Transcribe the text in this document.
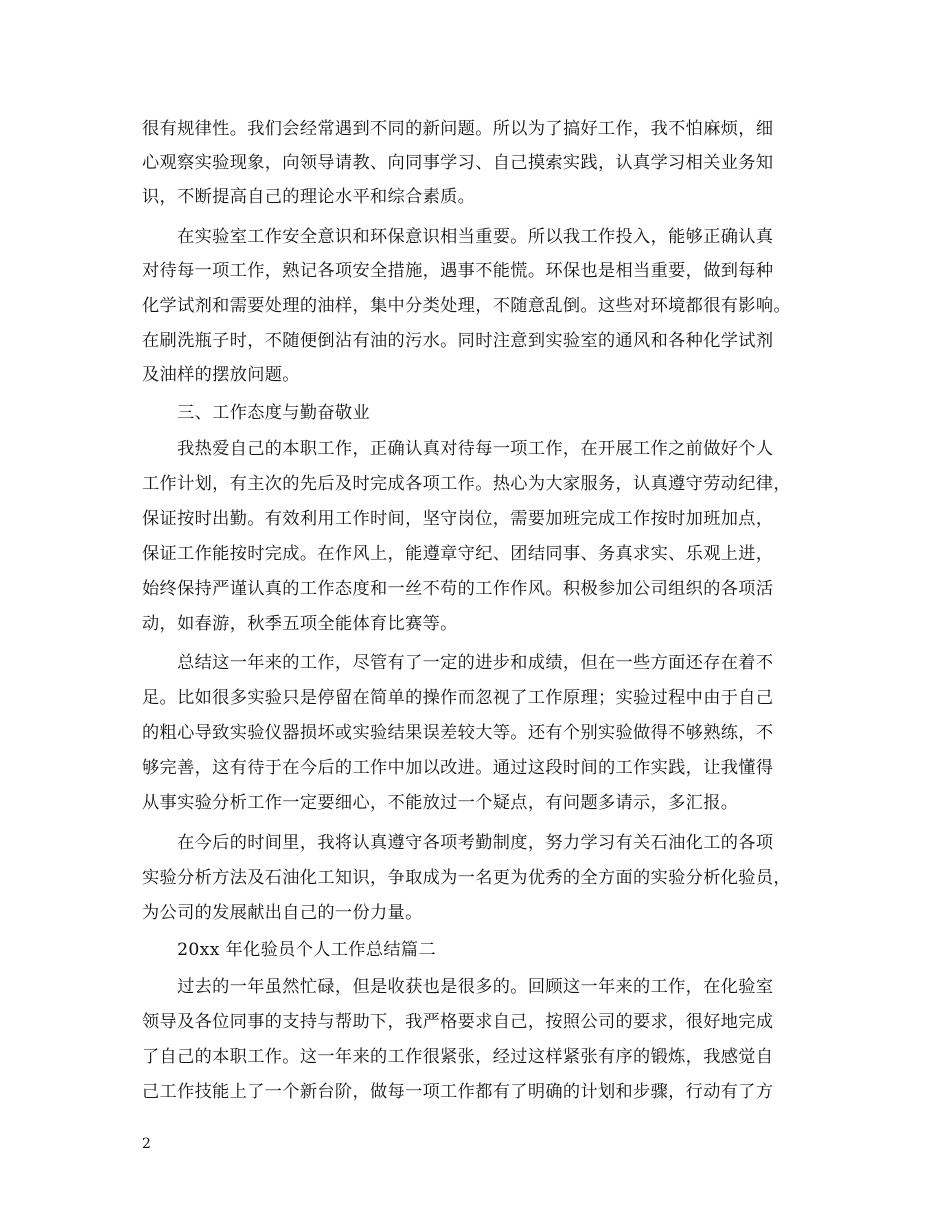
很有规律性。我们会经常遇到不同的新问题。所以为了搞好工作，我不怕麻烦，细
心观察实验现象，向领导请教、向同事学习、自己摸索实践，认真学习相关业务知
识，不断提高自己的理论水平和综合素质。
　　在实验室工作安全意识和环保意识相当重要。所以我工作投入，能够正确认真
对待每一项工作，熟记各项安全措施，遇事不能慌。环保也是相当重要，做到每种
化学试剂和需要处理的油样，集中分类处理，不随意乱倒。这些对环境都很有影响。
在刷洗瓶子时，不随便倒沾有油的污水。同时注意到实验室的通风和各种化学试剂
及油样的摆放问题。
　　三、工作态度与勤奋敬业
　　我热爱自己的本职工作，正确认真对待每一项工作，在开展工作之前做好个人
工作计划，有主次的先后及时完成各项工作。热心为大家服务，认真遵守劳动纪律，
保证按时出勤。有效利用工作时间，坚守岗位，需要加班完成工作按时加班加点，
保证工作能按时完成。在作风上，能遵章守纪、团结同事、务真求实、乐观上进，
始终保持严谨认真的工作态度和一丝不苟的工作作风。积极参加公司组织的各项活
动，如春游，秋季五项全能体育比赛等。
　　总结这一年来的工作，尽管有了一定的进步和成绩，但在一些方面还存在着不
足。比如很多实验只是停留在简单的操作而忽视了工作原理；实验过程中由于自己
的粗心导致实验仪器损坏或实验结果误差较大等。还有个别实验做得不够熟练，不
够完善，这有待于在今后的工作中加以改进。通过这段时间的工作实践，让我懂得
从事实验分析工作一定要细心，不能放过一个疑点，有问题多请示，多汇报。
　　在今后的时间里，我将认真遵守各项考勤制度，努力学习有关石油化工的各项
实验分析方法及石油化工知识，争取成为一名更为优秀的全方面的实验分析化验员，
为公司的发展献出自己的一份力量。
　　20xx 年化验员个人工作总结篇二
　　过去的一年虽然忙碌，但是收获也是很多的。回顾这一年来的工作，在化验室
领导及各位同事的支持与帮助下，我严格要求自己，按照公司的要求，很好地完成
了自己的本职工作。这一年来的工作很紧张，经过这样紧张有序的锻炼，我感觉自
己工作技能上了一个新台阶，做每一项工作都有了明确的计划和步骤，行动有了方
2
